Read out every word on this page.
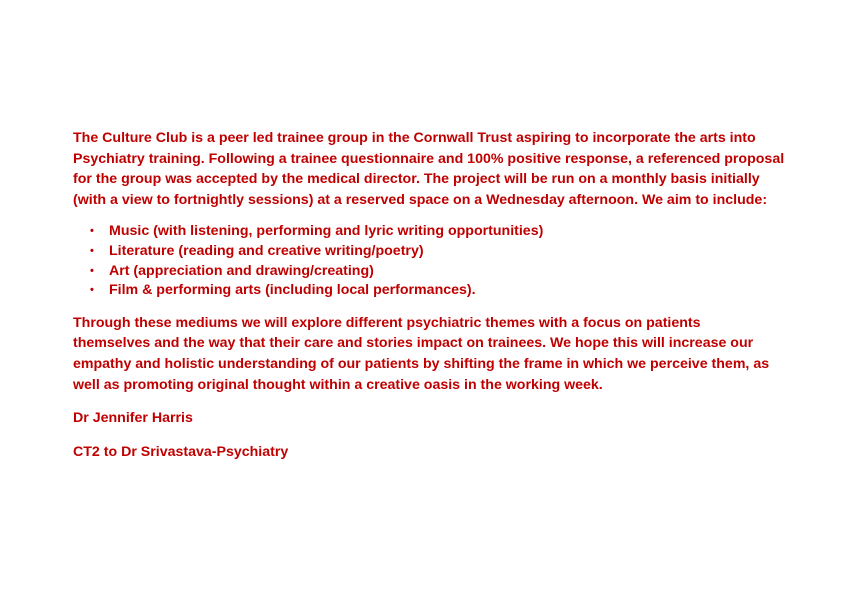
The Culture Club is a peer led trainee group in the Cornwall Trust aspiring to incorporate the arts into
Psychiatry training. Following a trainee questionnaire and 100% positive response, a referenced proposal
for the group was accepted by the medical director. The project will be run on a monthly basis initially
(with a view to fortnightly sessions) at a reserved space on a Wednesday afternoon. We aim to include:

• Music (with listening, performing and lyric writing opportunities)
• Literature (reading and creative writing/poetry)
• Art (appreciation and drawing/creating)
• Film & performing arts (including local performances).

Through these mediums we will explore different psychiatric themes with a focus on patients
themselves and the way that their care and stories impact on trainees. We hope this will increase our
empathy and holistic understanding of our patients by shifting the frame in which we perceive them, as
well as promoting original thought within a creative oasis in the working week.

Dr Jennifer Harris

CT2 to Dr Srivastava-Psychiatry
